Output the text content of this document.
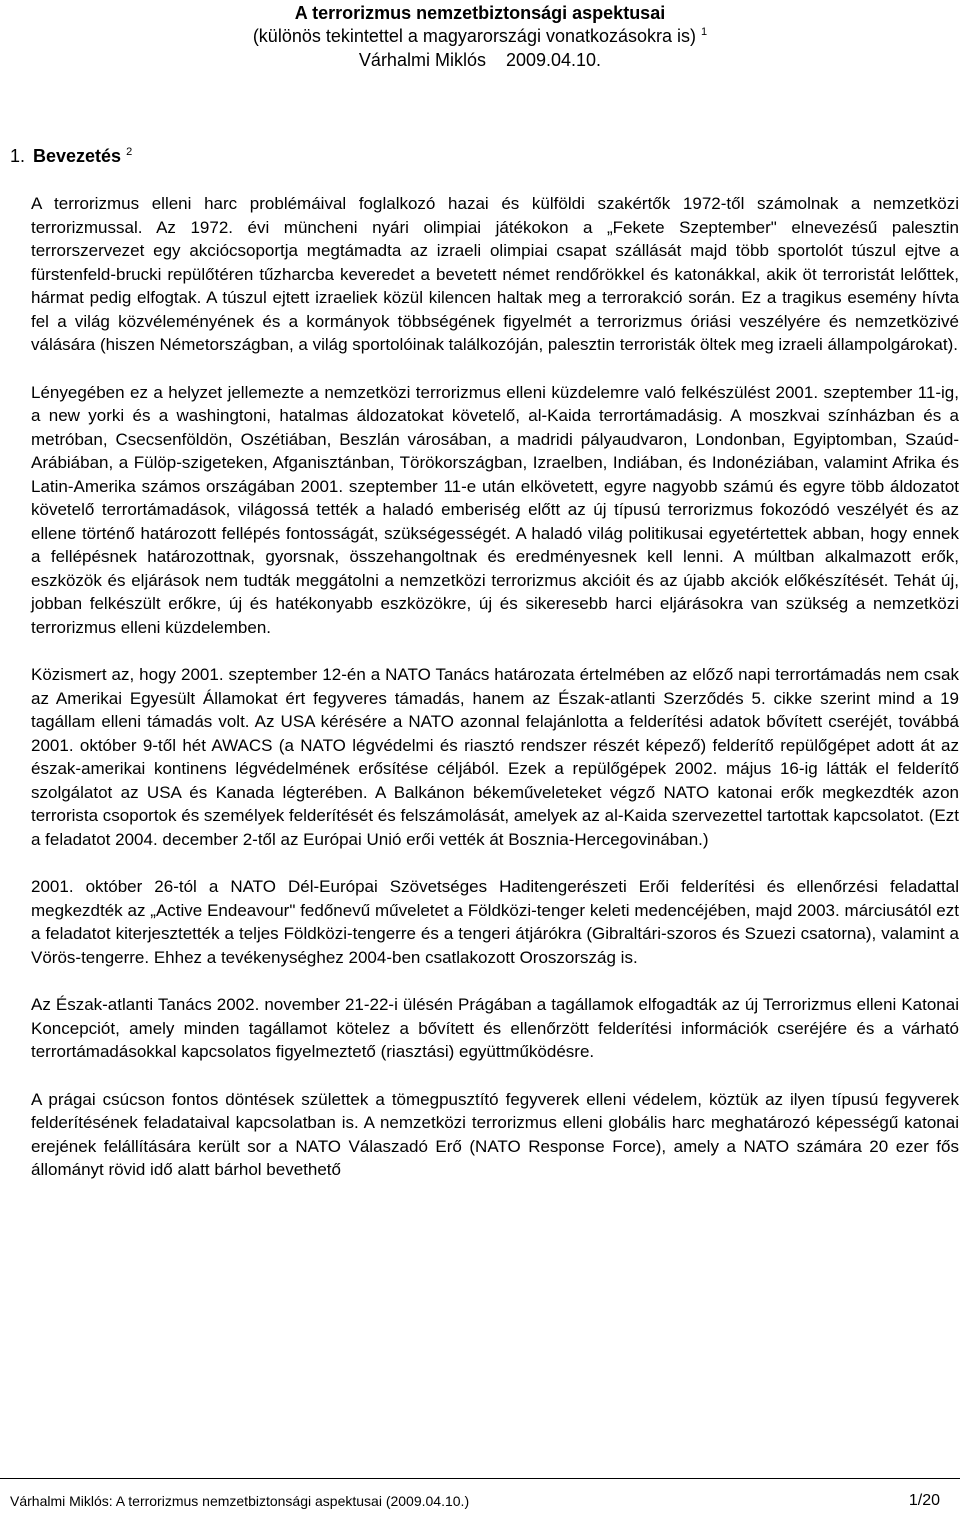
A terrorizmus nemzetbiztonsági aspektusai
(különös tekintettel a magyarországi vonatkozásokra is) $^1$
Várhalmi Miklós 2009.04.10.
1. Bevezetés $^2$

A terrorizmus elleni harc problémáival foglalkozó hazai és külföldi szakértők 1972-től számolnak a nemzetközi terrorizmussal. Az 1972. évi müncheni nyári olimpiai játékokon a „Fekete Szeptember" elnevezésű palesztin terrorszervezet egy akciócsoportja megtámadta az izraeli olimpiai csapat szállását majd több sportolót túszul ejtve a fürstenfeld-brucki repülőtéren tűzharcba keveredet a bevetett német rendőrökkel és katonákkal, akik öt terroristát lelőttek, hármat pedig elfogtak. A túszul ejtett izraeliek közül kilencen haltak meg a terrorakció során. Ez a tragikus esemény hívta fel a világ közvéleményének és a kormányok többségének figyelmét a terrorizmus óriási veszélyére és nemzetközivé válására (hiszen Németországban, a világ sportolóinak találkozóján, palesztin terroristák öltek meg izraeli állampolgárokat).

Lényegében ez a helyzet jellemezte a nemzetközi terrorizmus elleni küzdelemre való felkészülést 2001. szeptember 11-ig, a new yorki és a washingtoni, hatalmas áldozatokat követelő, al-Kaida terrortámadásig. A moszkvai színházban és a metróban, Csecsenföldön, Oszétiában, Beszlán városában, a madridi pályaudvaron, Londonban, Egyiptomban, Szaúd-Arábiában, a Fülöp-szigeteken, Afganisztánban, Törökországban, Izraelben, Indiában, és Indonéziában, valamint Afrika és Latin-Amerika számos országában 2001. szeptember 11-e után elkövetett, egyre nagyobb számú és egyre több áldozatot követelő terrortámadások, világossá tették a haladó emberiség előtt az új típusú terrorizmus fokozódó veszélyét és az ellene történő határozott fellépés fontosságát, szükségességét. A haladó világ politikusai egyetértettek abban, hogy ennek a fellépésnek határozottnak, gyorsnak, összehangoltnak és eredményesnek kell lenni. A múltban alkalmazott erők, eszközök és eljárások nem tudták meggátolni a nemzetközi terrorizmus akcióit és az újabb akciók előkészítését. Tehát új, jobban felkészült erőkre, új és hatékonyabb eszközökre, új és sikeresebb harci eljárásokra van szükség a nemzetközi terrorizmus elleni küzdelemben.

Közismert az, hogy 2001. szeptember 12-én a NATO Tanács határozata értelmében az előző napi terrortámadás nem csak az Amerikai Egyesült Államokat ért fegyveres támadás, hanem az Észak-atlanti Szerződés 5. cikke szerint mind a 19 tagállam elleni támadás volt. Az USA kérésére a NATO azonnal felajánlotta a felderítési adatok bővített cseréjét, továbbá 2001. október 9-től hét AWACS (a NATO légvédelmi és riasztó rendszer részét képező) felderítő repülőgépet adott át az észak-amerikai kontinens légvédelmének erősítése céljából. Ezek a repülőgépek 2002. május 16-ig látták el felderítő szolgálatot az USA és Kanada légterében. A Balkánon békeműveleteket végző NATO katonai erők megkezdték azon terrorista csoportok és személyek felderítését és felszámolását, amelyek az al-Kaida szervezettel tartottak kapcsolatot. (Ezt a feladatot 2004. december 2-től az Európai Unió erői vették át Bosznia-Hercegovinában.)

2001. október 26-tól a NATO Dél-Európai Szövetséges Haditengerészeti Erői felderítési és ellenőrzési feladattal megkezdték az „Active Endeavour" fedőnevű műveletet a Földközi-tenger keleti medencéjében, majd 2003. márciusától ezt a feladatot kiterjesztették a teljes Földközi-tengerre és a tengeri átjárókra (Gibraltári-szoros és Szuezi csatorna), valamint a Vörös-tengerre. Ehhez a tevékenységhez 2004-ben csatlakozott Oroszország is.

Az Észak-atlanti Tanács 2002. november 21-22-i ülésén Prágában a tagállamok elfogadták az új Terrorizmus elleni Katonai Koncepciót, amely minden tagállamot kötelez a bővített és ellenőrzött felderítési információk cseréjére és a várható terrortámadásokkal kapcsolatos figyelmeztető (riasztási) együttműködésre.

A prágai csúcson fontos döntések születtek a tömegpusztító fegyverek elleni védelem, köztük az ilyen típusú fegyverek felderítésének feladataival kapcsolatban is. A nemzetközi terrorizmus elleni globális harc meghatározó képességű katonai erejének felállítására került sor a NATO Válaszadó Erő (NATO Response Force), amely a NATO számára 20 ezer fős állományt rövid idő alatt bárhol bevethető

Várhalmi Miklós: A terrorizmus nemzetbiztonsági aspektusai (2009.04.10.)	1/20
